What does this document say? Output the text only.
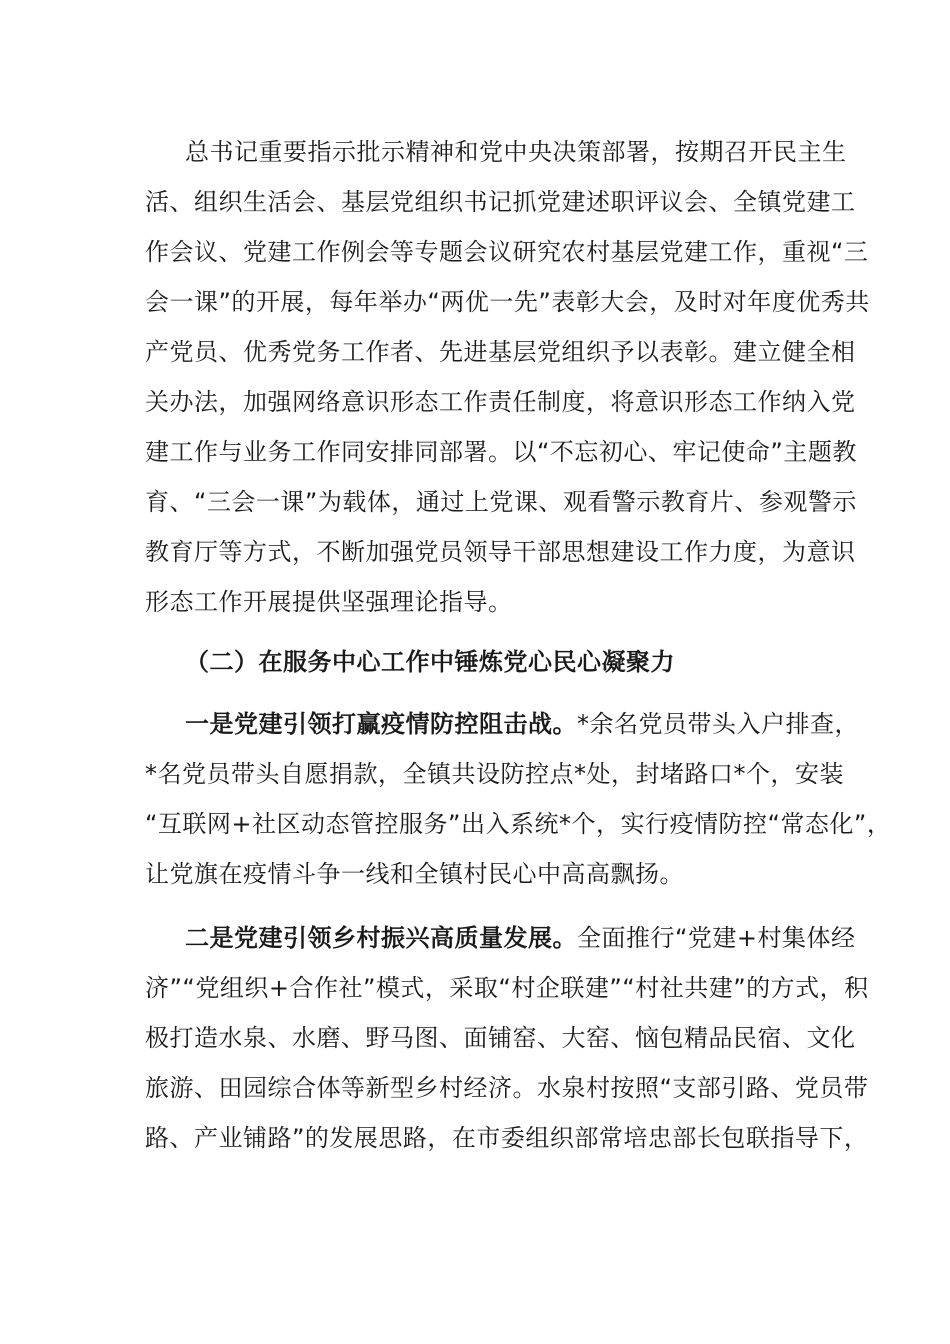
总书记重要指示批示精神和党中央决策部署，按期召开民主生
活、组织生活会、基层党组织书记抓党建述职评议会、全镇党建工
作会议、党建工作例会等专题会议研究农村基层党建工作，重视“三
会一课”的开展，每年举办“两优一先”表彰大会，及时对年度优秀共
产党员、优秀党务工作者、先进基层党组织予以表彰。建立健全相
关办法，加强网络意识形态工作责任制度，将意识形态工作纳入党
建工作与业务工作同安排同部署。以“不忘初心、牢记使命”主题教
育、“三会一课”为载体，通过上党课、观看警示教育片、参观警示
教育厅等方式，不断加强党员领导干部思想建设工作力度，为意识
形态工作开展提供坚强理论指导。
（二）在服务中心工作中锤炼党心民心凝聚力
一是党建引领打赢疫情防控阻击战。*余名党员带头入户排查，
*名党员带头自愿捐款，全镇共设防控点*处，封堵路口*个，安装
“互联网+社区动态管控服务”出入系统*个，实行疫情防控“常态化”，
让党旗在疫情斗争一线和全镇村民心中高高飘扬。
二是党建引领乡村振兴高质量发展。全面推行“党建+村集体经
济”“党组织+合作社”模式，采取“村企联建”“村社共建”的方式，积
极打造水泉、水磨、野马图、面铺窑、大窑、恼包精品民宿、文化
旅游、田园综合体等新型乡村经济。水泉村按照“支部引路、党员带
路、产业铺路”的发展思路，在市委组织部常培忠部长包联指导下，
